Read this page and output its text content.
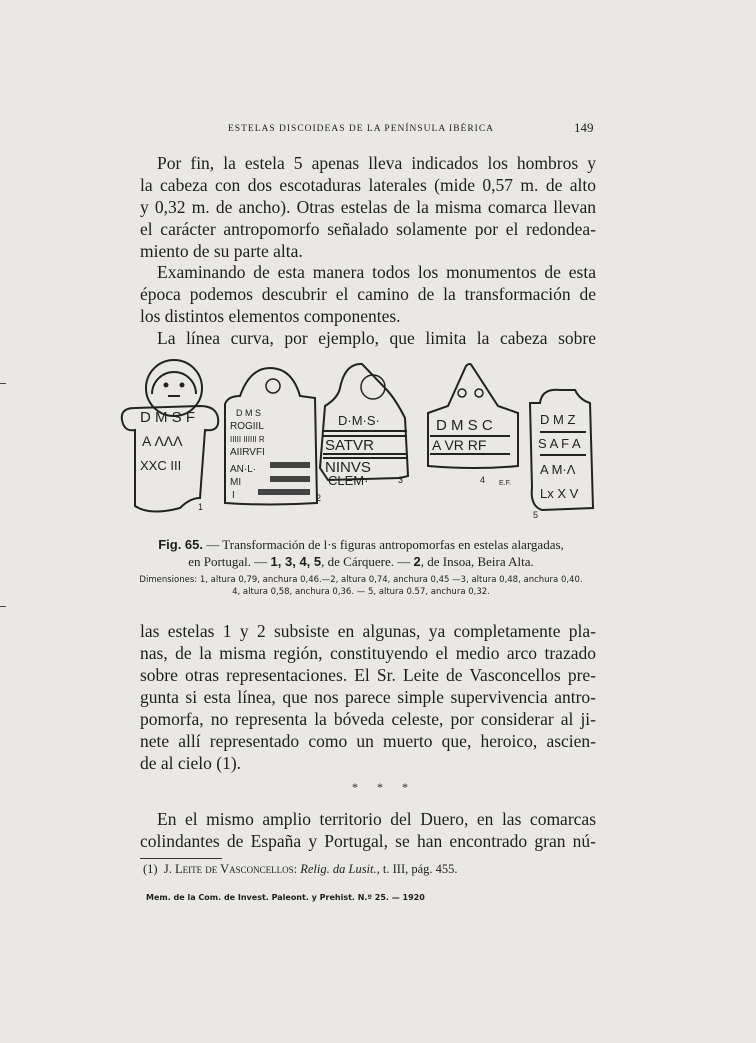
ESTELAS DISCOIDEAS DE LA PENÍNSULA IBÉRICA	149
Por fin, la estela 5 apenas lleva indicados los hombros y
la cabeza con dos escotaduras laterales (mide 0,57 m. de alto
y 0,32 m. de ancho). Otras estelas de la misma comarca llevan
el carácter antropomorfo señalado solamente por el redondea-
miento de su parte alta.
Examinando de esta manera todos los monumentos de esta
época podemos descubrir el camino de la transformación de
los distintos elementos componentes.
La línea curva, por ejemplo, que limita la cabeza sobre
D M S F
A ΛΛΛ
XXC III
1
D M S
ROGIIL
IIIII IIIIII R
AIIRVFI
AN·L·
MI
I	2
D·M·S·
SATVR
NINVS
CLEM·	3
D M S C
A VR RF
4 E.F.
D M Z
S A F A
A M·Λ
Lx X V
5
Fig. 65. — Transformación de l·s figuras antropomorfas en estelas alargadas,
en Portugal. — 1, 3, 4, 5, de Cárquere. — 2, de Insoa, Beira Alta.
Dimensiones: 1, altura 0,79, anchura 0,46.—2, altura 0,74, anchura 0,45 —3, altura 0,48, anchura 0,40.
4, altura 0,58, anchura 0,36. — 5, altura 0.57, anchura 0,32.
las estelas 1 y 2 subsiste en algunas, ya completamente pla-
nas, de la misma región, constituyendo el medio arco trazado
sobre otras representaciones. El Sr. Leite de Vasconcellos pre-
gunta si esta línea, que nos parece simple supervivencia antro-
pomorfa, no representa la bóveda celeste, por considerar al ji-
nete allí representado como un muerto que, heroico, ascien-
de al cielo (1).
* * *
En el mismo amplio territorio del Duero, en las comarcas
colindantes de España y Portugal, se han encontrado gran nú-
(1) J. Leite de Vasconcellos: Relig. da Lusit., t. III, pág. 455.
Mem. de la Com. de Invest. Paleont. y Prehist. N.º 25. — 1920
